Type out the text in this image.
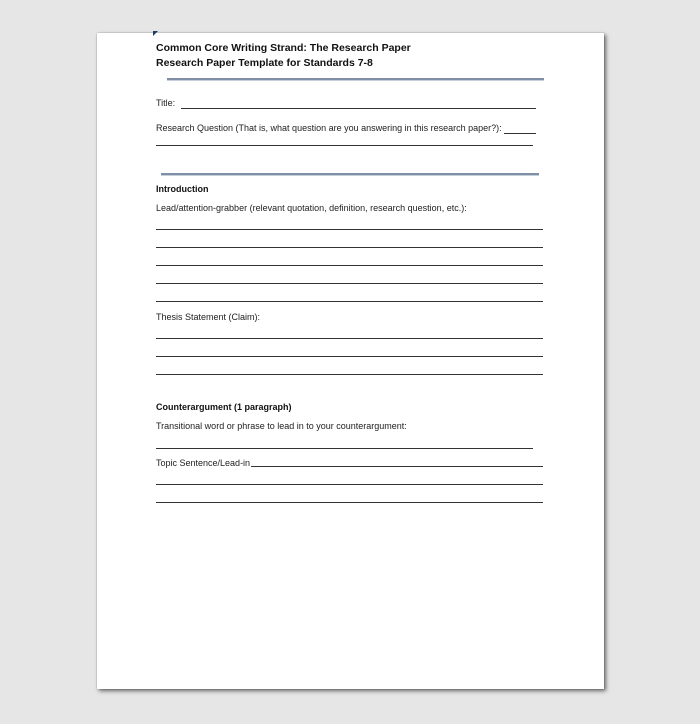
Common Core Writing Strand: The Research Paper
Research Paper Template for Standards 7-8
Title:
Research Question (That is, what question are you answering in this research paper?):
Introduction
Lead/attention-grabber (relevant quotation, definition, research question, etc.):
Thesis Statement (Claim):
Counterargument (1 paragraph)
Transitional word or phrase to lead in to your counterargument:
Topic Sentence/Lead-in
